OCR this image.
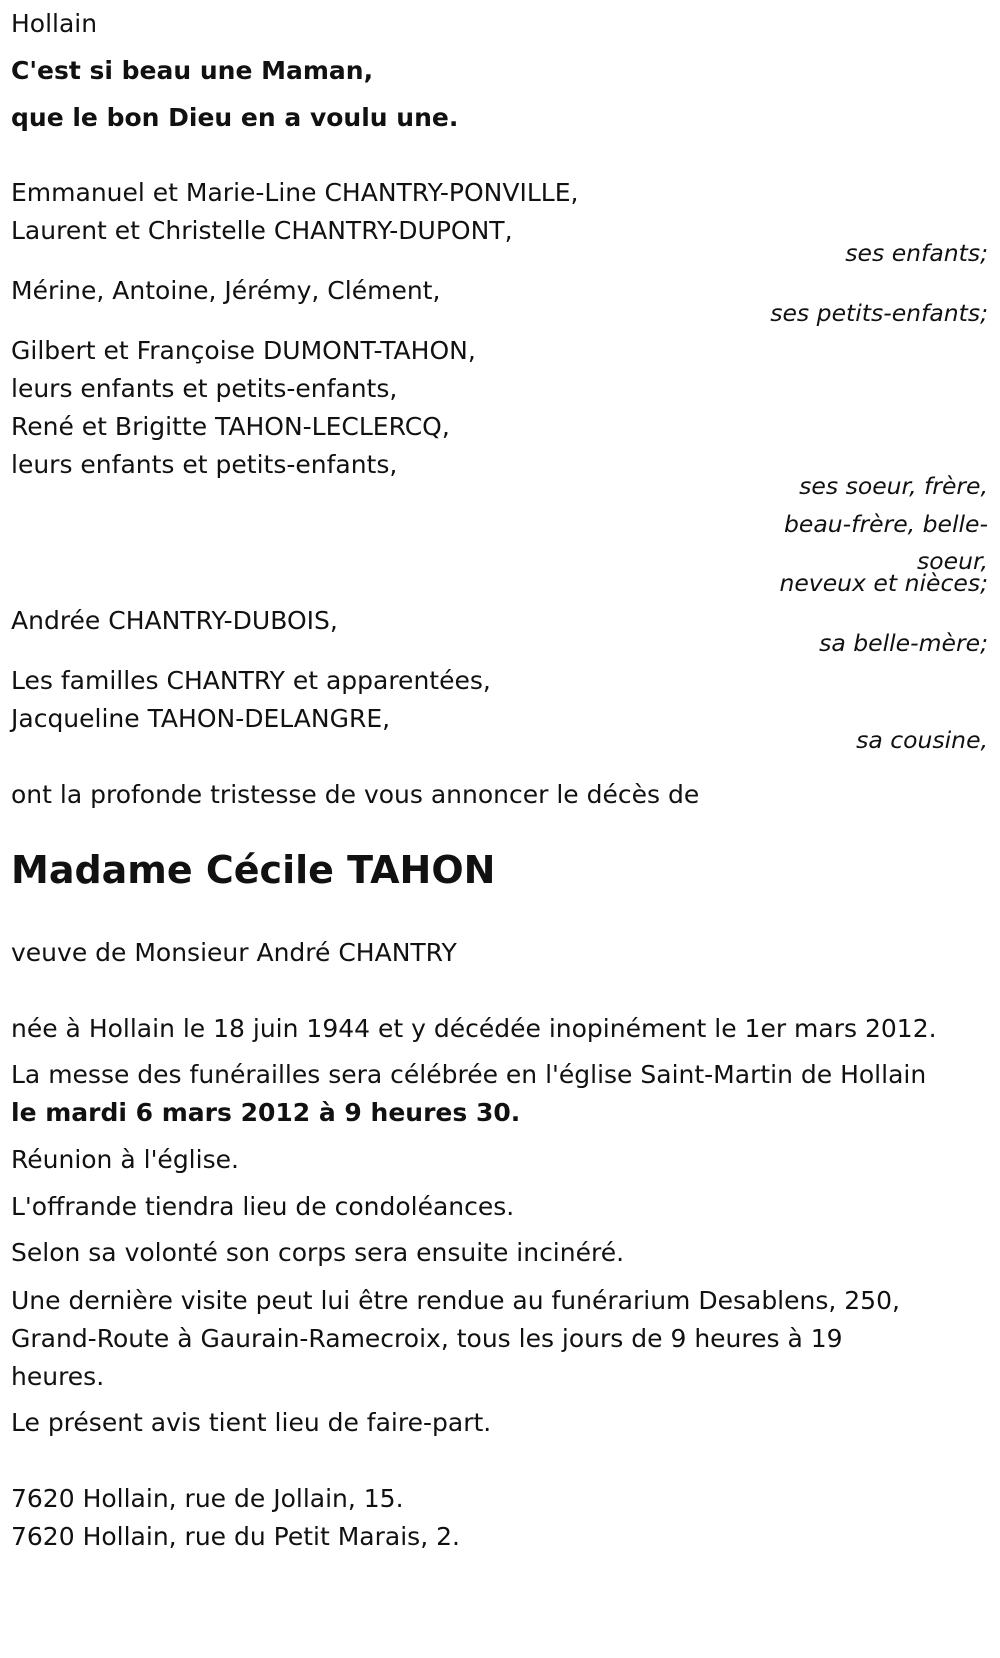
Hollain
C'est si beau une Maman,
que le bon Dieu en a voulu une.
Emmanuel et Marie-Line CHANTRY-PONVILLE,
Laurent et Christelle CHANTRY-DUPONT,
ses enfants;
Mérine, Antoine, Jérémy, Clément,
ses petits-enfants;
Gilbert et Françoise DUMONT-TAHON,
leurs enfants et petits-enfants,
René et Brigitte TAHON-LECLERCQ,
leurs enfants et petits-enfants,
ses soeur, frère,
beau-frère, belle-
soeur,
neveux et nièces;
Andrée CHANTRY-DUBOIS,
sa belle-mère;
Les familles CHANTRY et apparentées,
Jacqueline TAHON-DELANGRE,
sa cousine,
ont la profonde tristesse de vous annoncer le décès de
Madame Cécile TAHON
veuve de Monsieur André CHANTRY
née à Hollain le 18 juin 1944 et y décédée inopinément le 1er mars 2012.
La messe des funérailles sera célébrée en l'église Saint-Martin de Hollain
le mardi 6 mars 2012 à 9 heures 30.
Réunion à l'église.
L'offrande tiendra lieu de condoléances.
Selon sa volonté son corps sera ensuite incinéré.
Une dernière visite peut lui être rendue au funérarium Desablens, 250,
Grand-Route à Gaurain-Ramecroix, tous les jours de 9 heures à 19
heures.
Le présent avis tient lieu de faire-part.
7620 Hollain, rue de Jollain, 15.
7620 Hollain, rue du Petit Marais, 2.
